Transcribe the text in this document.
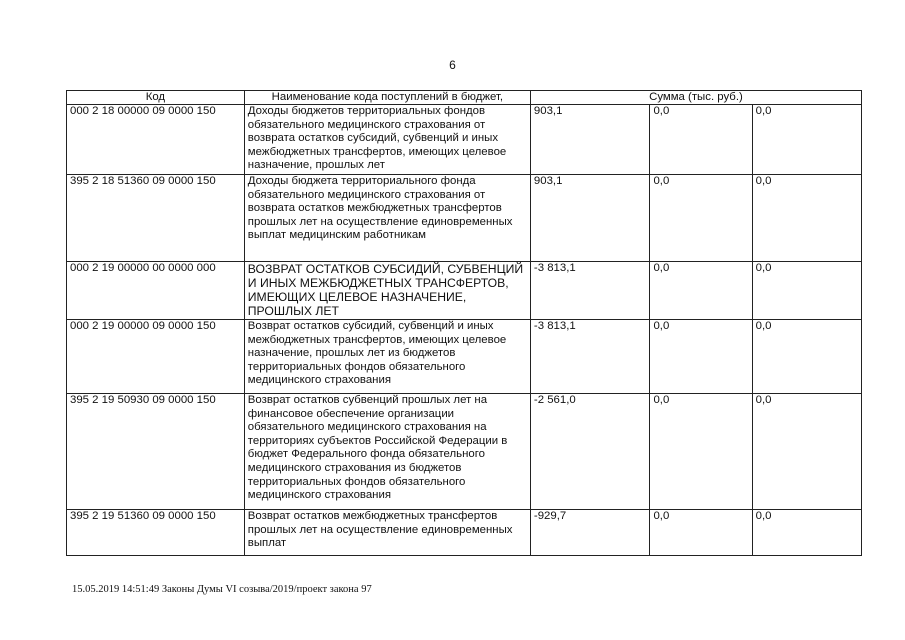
6
Код	Наименование кода поступлений в бюджет,	Сумма (тыс. руб.)		
000 2 18 00000 09 0000 150	Доходы бюджетов территориальных фондов обязательного медицинского страхования от возврата остатков субсидий, субвенций и иных межбюджетных трансфертов, имеющих целевое назначение, прошлых лет	903,1	0,0	0,0
395 2 18 51360 09 0000 150	Доходы бюджета территориального фонда обязательного медицинского страхования от возврата остатков межбюджетных трансфертов прошлых лет на осуществление единовременных выплат медицинским работникам	903,1	0,0	0,0
000 2 19 00000 00 0000 000	ВОЗВРАТ ОСТАТКОВ СУБСИДИЙ, СУБВЕНЦИЙ И ИНЫХ МЕЖБЮДЖЕТНЫХ ТРАНСФЕРТОВ, ИМЕЮЩИХ ЦЕЛЕВОЕ НАЗНАЧЕНИЕ, ПРОШЛЫХ ЛЕТ	-3 813,1	0,0	0,0
000 2 19 00000 09 0000 150	Возврат остатков субсидий, субвенций и иных межбюджетных трансфертов, имеющих целевое назначение, прошлых лет из бюджетов территориальных фондов обязательного медицинского страхования	-3 813,1	0,0	0,0
395 2 19 50930 09 0000 150	Возврат остатков субвенций прошлых лет на финансовое обеспечение организации обязательного медицинского страхования на территориях субъектов Российской Федерации в бюджет Федерального фонда обязательного медицинского страхования из бюджетов территориальных фондов обязательного медицинского страхования	-2 561,0	0,0	0,0
395 2 19 51360 09 0000 150	Возврат остатков межбюджетных трансфертов прошлых лет на осуществление единовременных выплат	-929,7	0,0	0,0
15.05.2019 14:51:49 Законы Думы VI созыва/2019/проект закона 97
